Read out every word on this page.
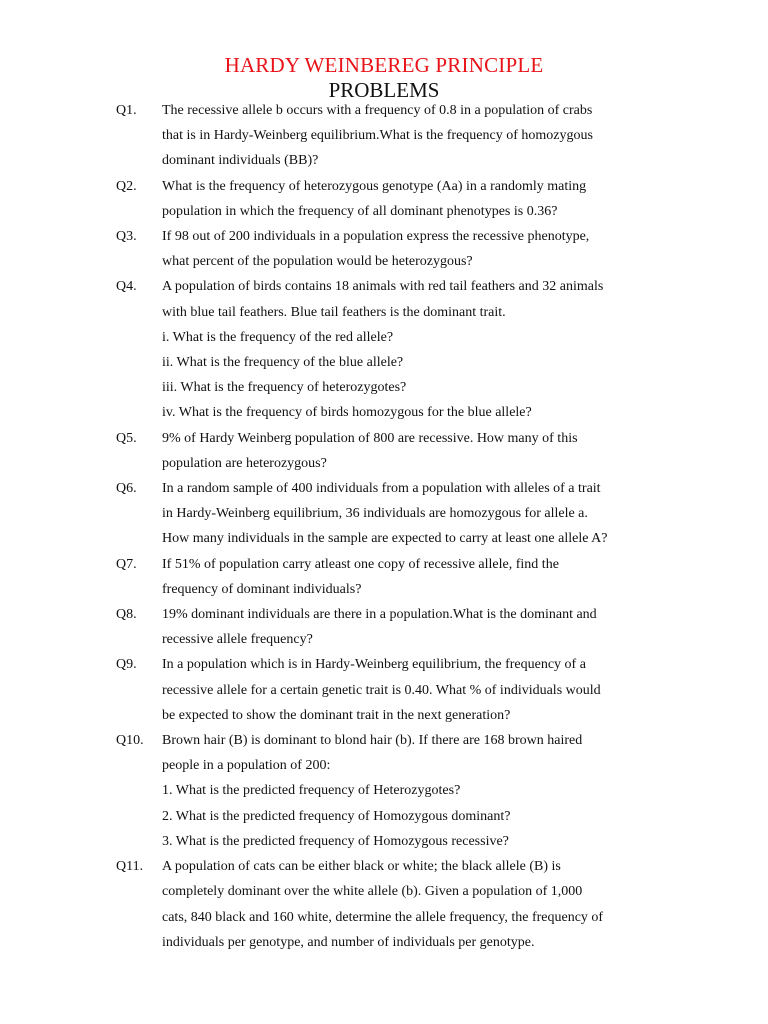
HARDY WEINBEREG PRINCIPLE
PROBLEMS
Q1. The recessive allele b occurs with a frequency of 0.8 in a population of crabs
that is in Hardy-Weinberg equilibrium.What is the frequency of homozygous
dominant individuals (BB)?
Q2. What is the frequency of heterozygous genotype (Aa) in a randomly mating
population in which the frequency of all dominant phenotypes is 0.36?
Q3. If 98 out of 200 individuals in a population express the recessive phenotype,
what percent of the population would be heterozygous?
Q4. A population of birds contains 18 animals with red tail feathers and 32 animals
with blue tail feathers. Blue tail feathers is the dominant trait.
i. What is the frequency of the red allele?
ii. What is the frequency of the blue allele?
iii. What is the frequency of heterozygotes?
iv. What is the frequency of birds homozygous for the blue allele?
Q5. 9% of Hardy Weinberg population of 800 are recessive. How many of this
population are heterozygous?
Q6. In a random sample of 400 individuals from a population with alleles of a trait
in Hardy-Weinberg equilibrium, 36 individuals are homozygous for allele a.
How many individuals in the sample are expected to carry at least one allele A?
Q7. If 51% of population carry atleast one copy of recessive allele, find the
frequency of dominant individuals?
Q8. 19% dominant individuals are there in a population.What is the dominant and
recessive allele frequency?
Q9. In a population which is in Hardy-Weinberg equilibrium, the frequency of a
recessive allele for a certain genetic trait is 0.40. What % of individuals would
be expected to show the dominant trait in the next generation?
Q10. Brown hair (B) is dominant to blond hair (b). If there are 168 brown haired
people in a population of 200:
1. What is the predicted frequency of Heterozygotes?
2. What is the predicted frequency of Homozygous dominant?
3. What is the predicted frequency of Homozygous recessive?
Q11. A population of cats can be either black or white; the black allele (B) is
completely dominant over the white allele (b). Given a population of 1,000
cats, 840 black and 160 white, determine the allele frequency, the frequency of
individuals per genotype, and number of individuals per genotype.
